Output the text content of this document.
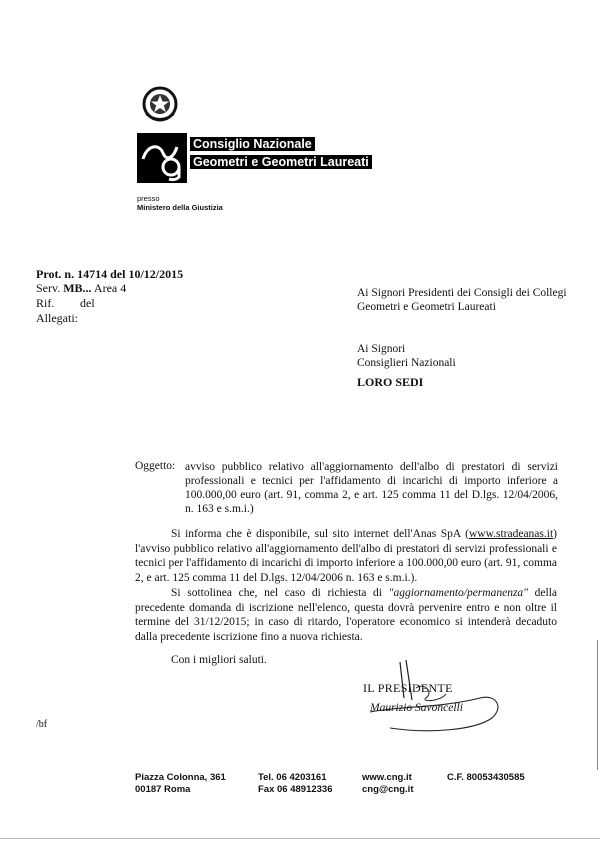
Consiglio Nazionale
Geometri e Geometri Laureati
presso
Ministero della Giustizia
Prot. n. 14714 del 10/12/2015
Serv. MB... Area 4
Rif. del
Allegati:
Ai Signori Presidenti dei Consigli dei Collegi Geometri e Geometri Laureati
Ai Signori
Consiglieri Nazionali
LORO SEDI
Oggetto: avviso pubblico relativo all'aggiornamento dell'albo di prestatori di servizi professionali e tecnici per l'affidamento di incarichi di importo inferiore a 100.000,00 euro (art. 91, comma 2, e art. 125 comma 11 del D.lgs. 12/04/2006, n. 163 e s.m.i.)

Si informa che è disponibile, sul sito internet dell'Anas SpA (www.stradeanas.it) l'avviso pubblico relativo all'aggiornamento dell'albo di prestatori di servizi professionali e tecnici per l'affidamento di incarichi di importo inferiore a 100.000,00 euro (art. 91, comma 2, e art. 125 comma 11 del D.lgs. 12/04/2006 n. 163 e s.m.i.).

Si sottolinea che, nel caso di richiesta di "aggiornamento/permanenza" della precedente domanda di iscrizione nell'elenco, questa dovrà pervenire entro e non oltre il termine del 31/12/2015; in caso di ritardo, l'operatore economico si intenderà decaduto dalla precedente iscrizione fino a nuova richiesta.

Con i migliori saluti.
IL PRESIDENTE
Maurizio Savoncelli
/bf
Piazza Colonna, 361
00187 Roma
Tel. 06 4203161
Fax 06 48912336
www.cng.it
cng@cng.it
C.F. 80053430585
